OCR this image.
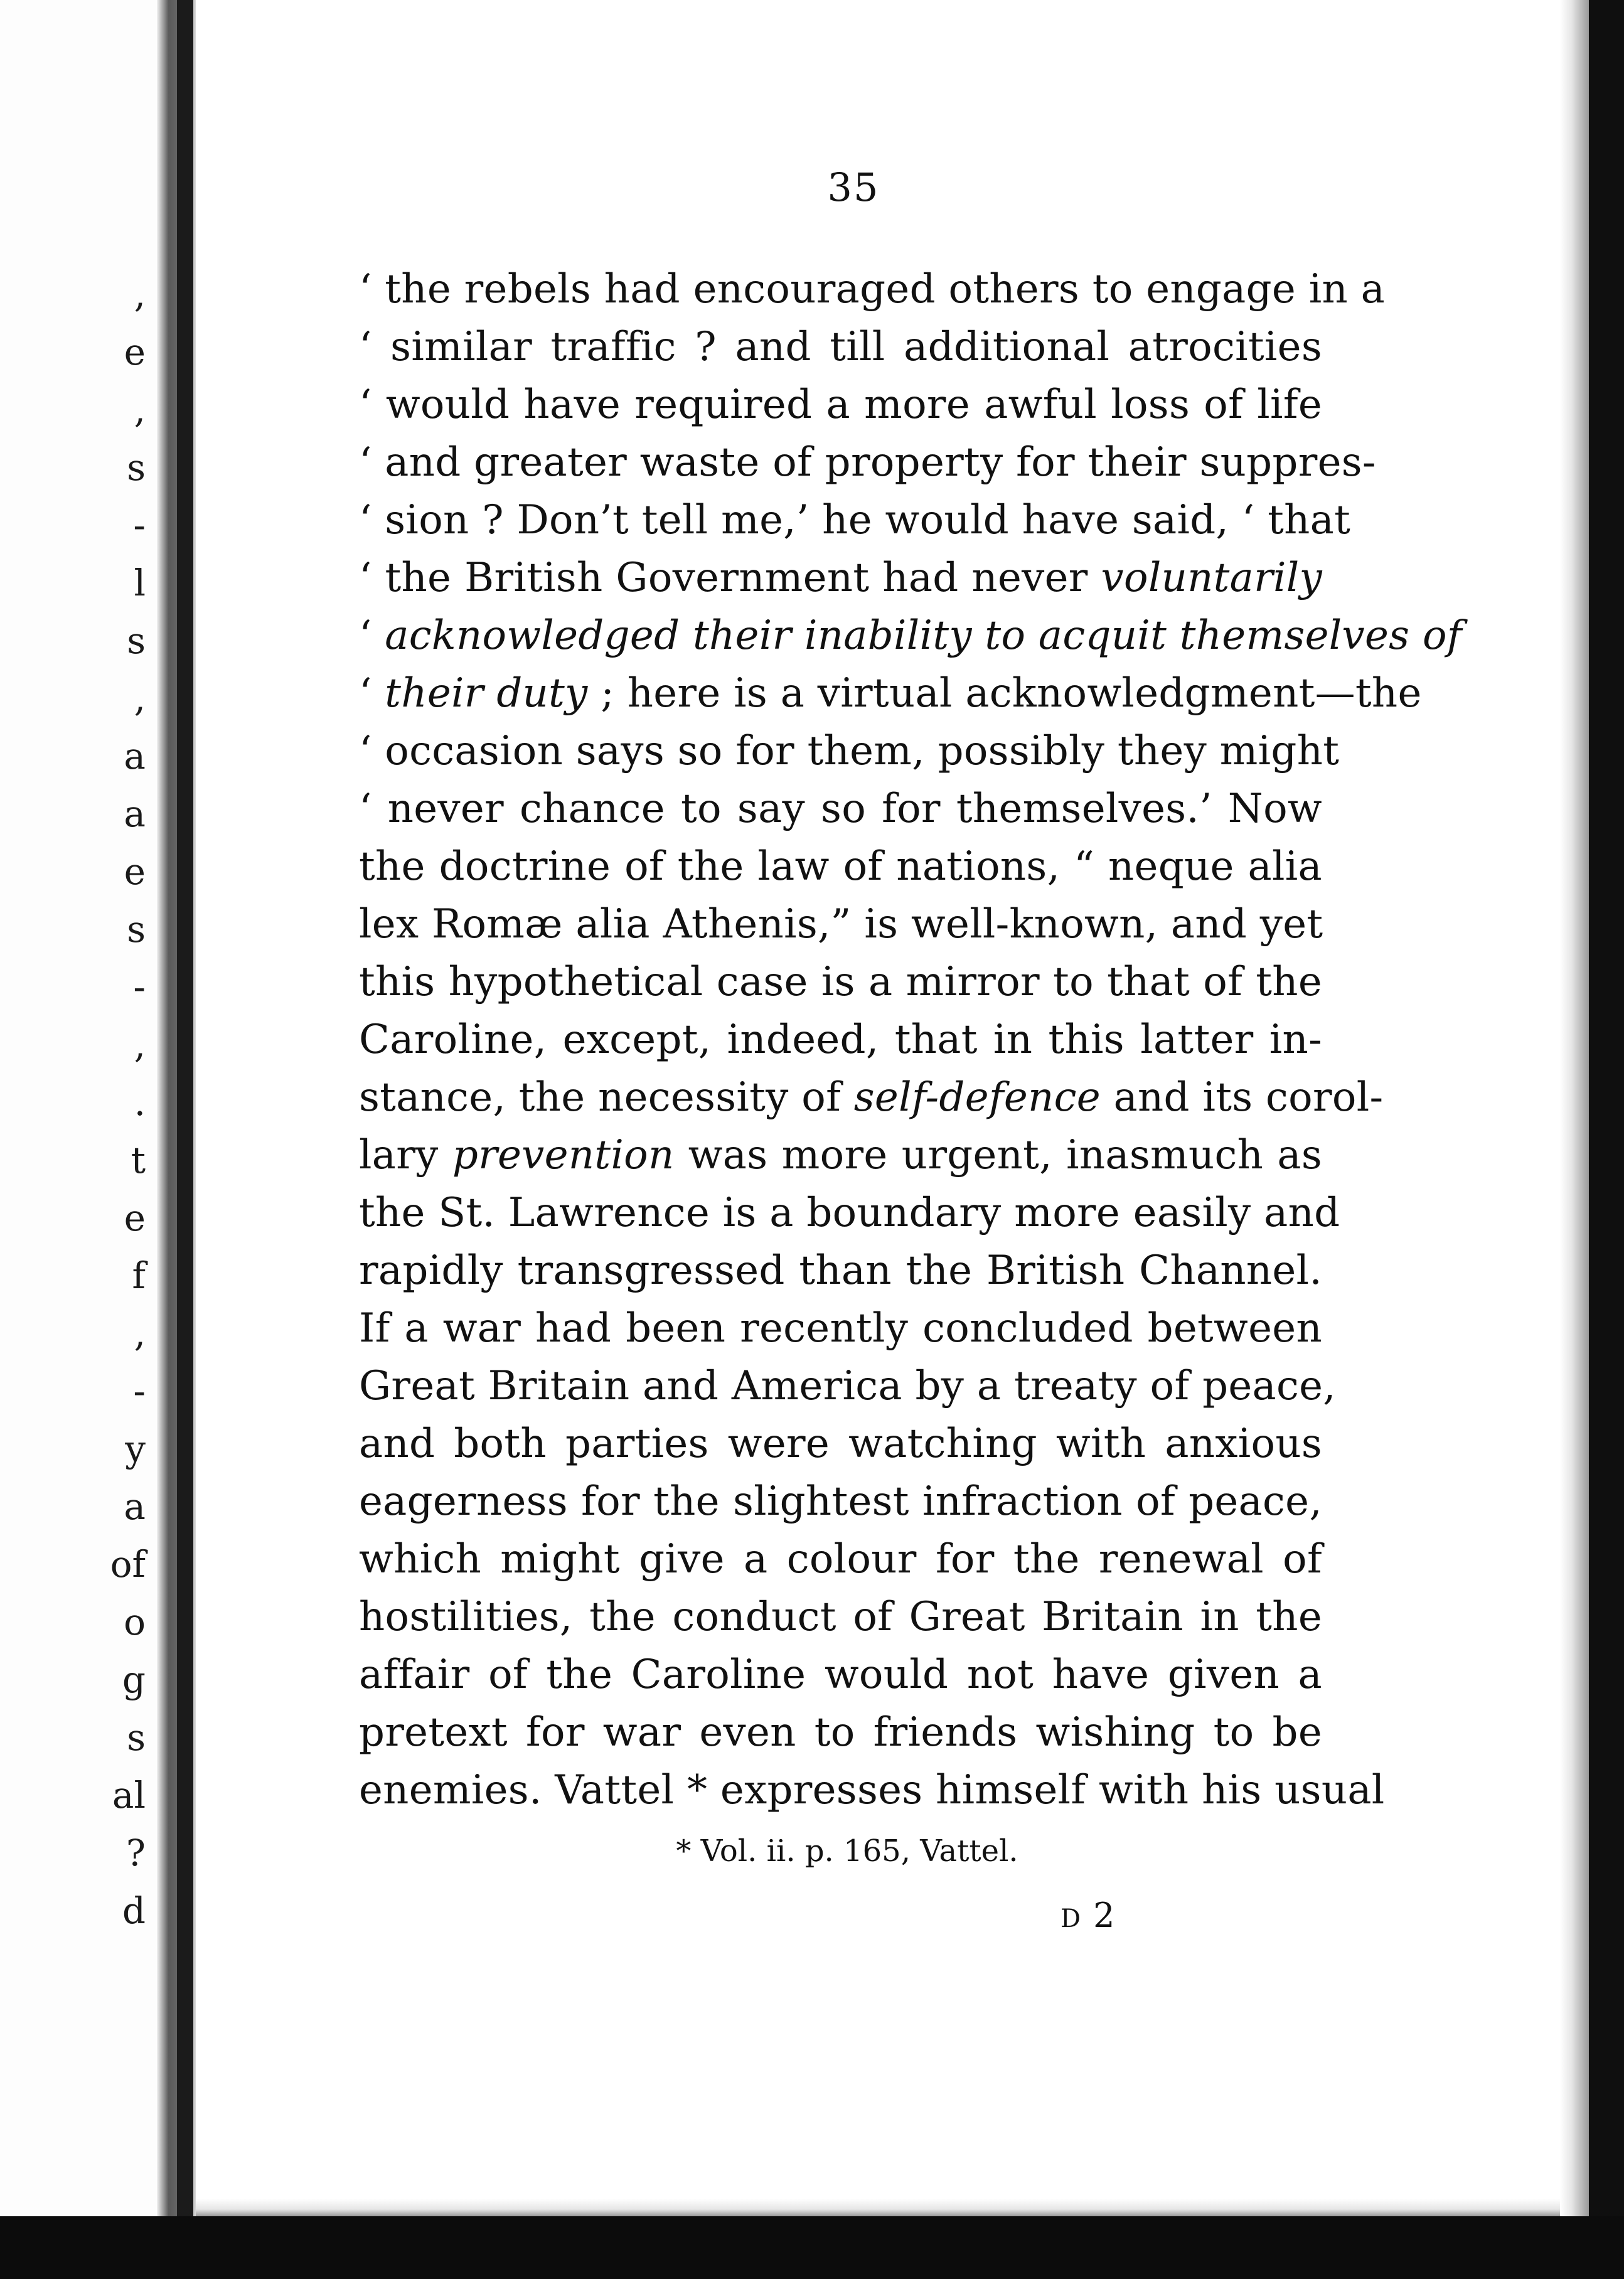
,
e
,
s
-
l
s
,
a
a
e
s
-
,
.
t
e
f
,
-
y
a
of
o
g
s
al
?
d
35
‘ the rebels had encouraged others to engage in a
‘ similar traffic ? and till additional atrocities
‘ would have required a more awful loss of life
‘ and greater waste of property for their suppres-
‘ sion ? Don’t tell me,’ he would have said, ‘ that
‘ the British Government had never voluntarily
‘ acknowledged their inability to acquit themselves of
‘ their duty ; here is a virtual acknowledgment—the
‘ occasion says so for them, possibly they might
‘ never chance to say so for themselves.’ Now
the doctrine of the law of nations, “ neque alia
lex Romæ alia Athenis,” is well-known, and yet
this hypothetical case is a mirror to that of the
Caroline, except, indeed, that in this latter in-
stance, the necessity of self-defence and its corol-
lary prevention was more urgent, inasmuch as
the St. Lawrence is a boundary more easily and
rapidly transgressed than the British Channel.
If a war had been recently concluded between
Great Britain and America by a treaty of peace,
and both parties were watching with anxious
eagerness for the slightest infraction of peace,
which might give a colour for the renewal of
hostilities, the conduct of Great Britain in the
affair of the Caroline would not have given a
pretext for war even to friends wishing to be
enemies. Vattel * expresses himself with his usual
* Vol. ii. p. 165, Vattel.
D 2
